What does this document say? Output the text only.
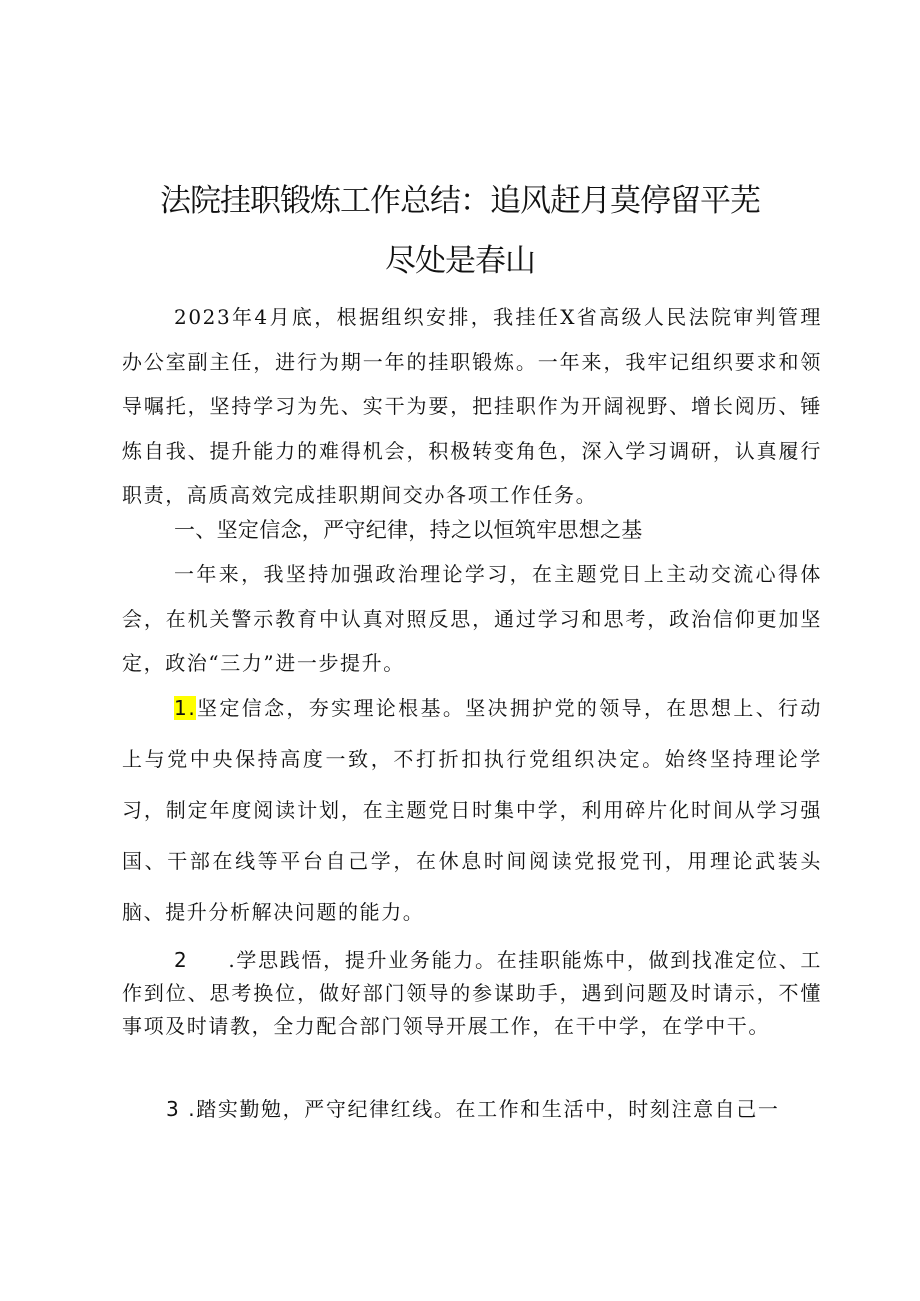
法院挂职锻炼工作总结：追风赶月莫停留平芜
尽处是春山

2023年4月底，根据组织安排，我挂任X省高级人民法院审判管理办公室副主任，进行为期一年的挂职锻炼。一年来，我牢记组织要求和领导嘱托，坚持学习为先、实干为要，把挂职作为开阔视野、增长阅历、锤炼自我、提升能力的难得机会，积极转变角色，深入学习调研，认真履行职责，高质高效完成挂职期间交办各项工作任务。

一、坚定信念，严守纪律，持之以恒筑牢思想之基

一年来，我坚持加强政治理论学习，在主题党日上主动交流心得体会，在机关警示教育中认真对照反思，通过学习和思考，政治信仰更加坚定，政治“三力”进一步提升。

1.坚定信念，夯实理论根基。坚决拥护党的领导，在思想上、行动上与党中央保持高度一致，不打折扣执行党组织决定。始终坚持理论学习，制定年度阅读计划，在主题党日时集中学，利用碎片化时间从学习强国、干部在线等平台自己学，在休息时间阅读党报党刊，用理论武装头脑、提升分析解决问题的能力。

2 .学思践悟，提升业务能力。在挂职能炼中，做到找准定位、工作到位、思考换位，做好部门领导的参谋助手，遇到问题及时请示，不懂事项及时请教，全力配合部门领导开展工作，在干中学，在学中干。

3 .踏实勤勉，严守纪律红线。在工作和生活中，时刻注意自己一
